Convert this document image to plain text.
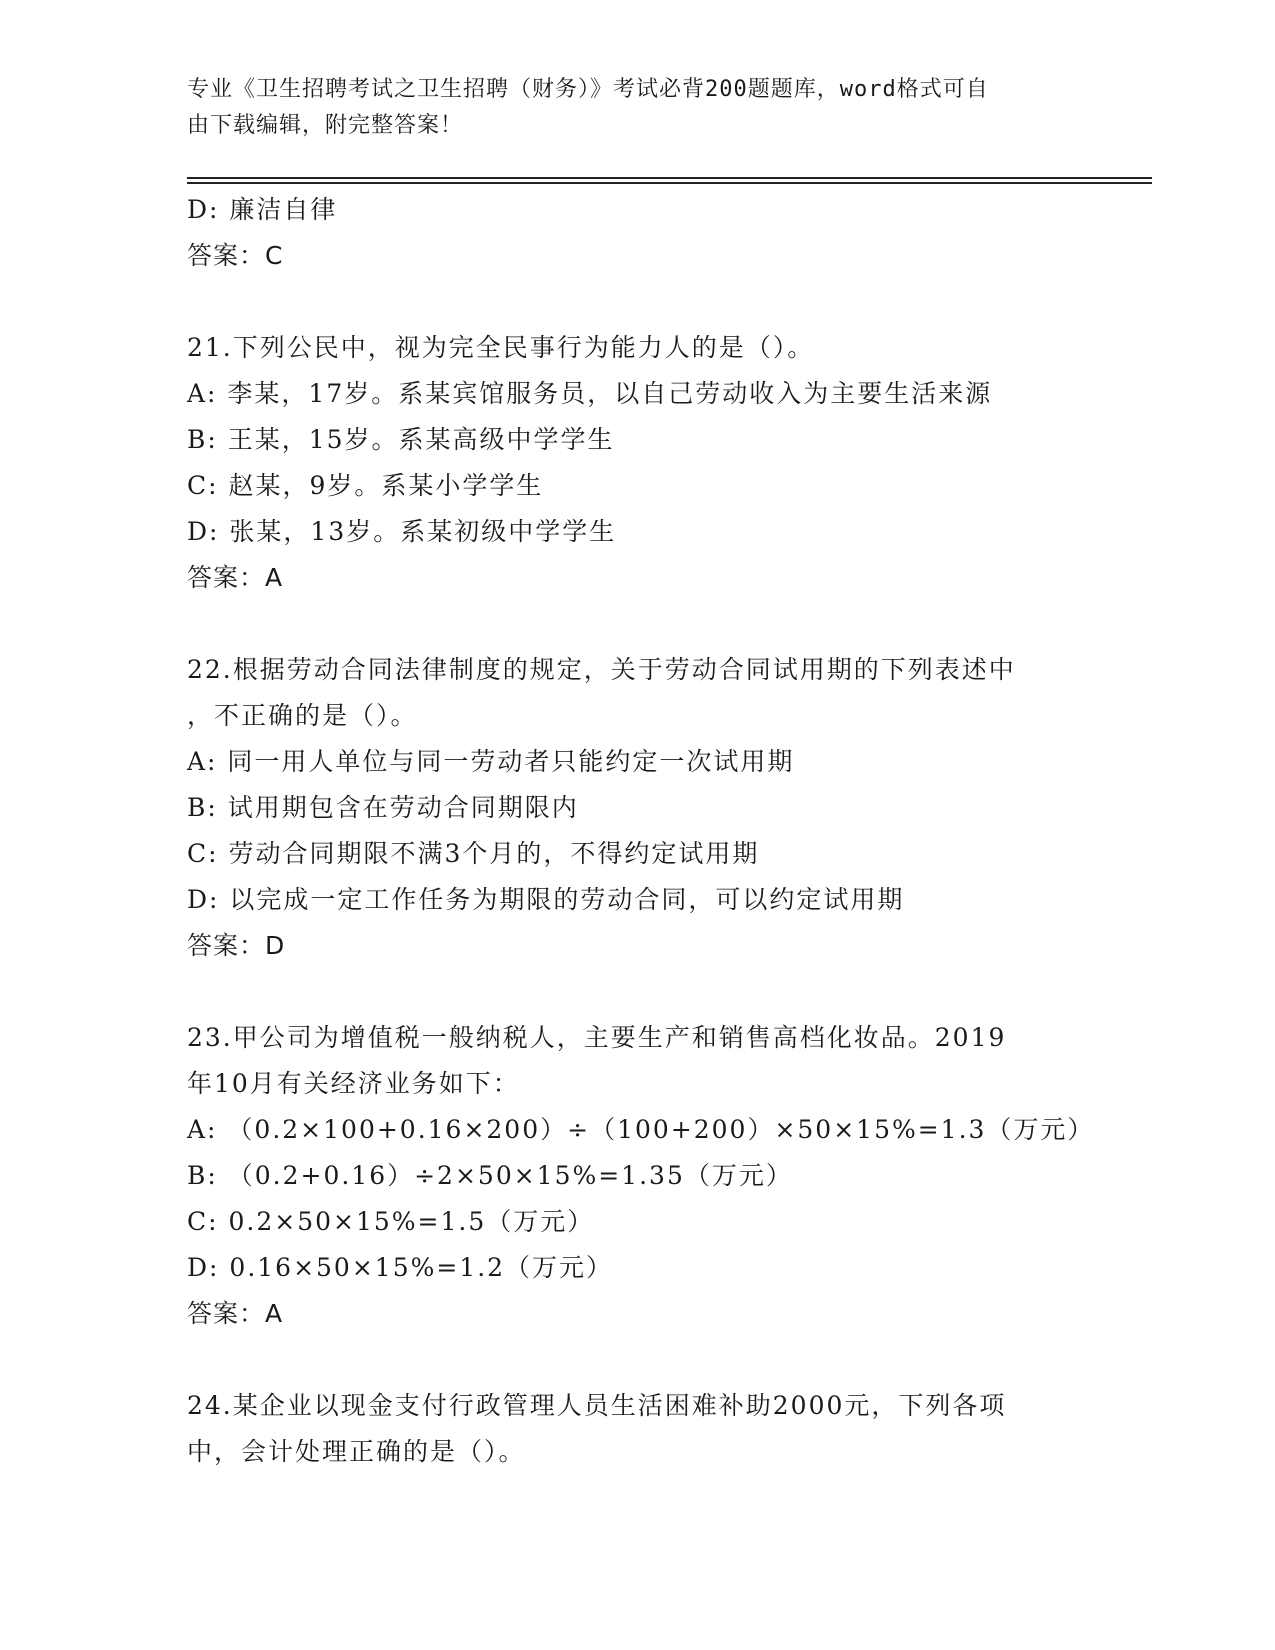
专业《卫生招聘考试之卫生招聘（财务）》考试必背200题题库，word格式可自
由下载编辑，附完整答案！
D: 廉洁自律
答案：C
21.下列公民中，视为完全民事行为能力人的是（）。
A: 李某，17岁。系某宾馆服务员，以自己劳动收入为主要生活来源
B: 王某，15岁。系某高级中学学生
C: 赵某，9岁。系某小学学生
D: 张某，13岁。系某初级中学学生
答案：A
22.根据劳动合同法律制度的规定，关于劳动合同试用期的下列表述中
，不正确的是（）。
A: 同一用人单位与同一劳动者只能约定一次试用期
B: 试用期包含在劳动合同期限内
C: 劳动合同期限不满3个月的，不得约定试用期
D: 以完成一定工作任务为期限的劳动合同，可以约定试用期
答案：D
23.甲公司为增值税一般纳税人，主要生产和销售高档化妆品。2019
年10月有关经济业务如下：
A: （0.2×100+0.16×200）÷（100+200）×50×15%=1.3（万元）
B: （0.2+0.16）÷2×50×15%=1.35（万元）
C: 0.2×50×15%=1.5（万元）
D: 0.16×50×15%=1.2（万元）
答案：A
24.某企业以现金支付行政管理人员生活困难补助2000元，下列各项
中，会计处理正确的是（）。
